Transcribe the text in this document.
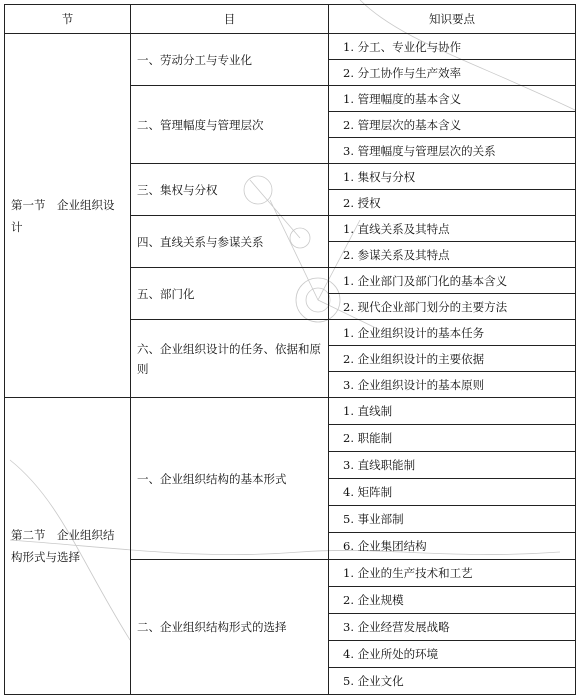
节	目	知识要点
第一节　企业组织设计	一、劳动分工与专业化	1. 分工、专业化与协作
		2. 分工协作与生产效率
	二、管理幅度与管理层次	1. 管理幅度的基本含义
		2. 管理层次的基本含义
		3. 管理幅度与管理层次的关系
	三、集权与分权	1. 集权与分权
		2. 授权
	四、直线关系与参谋关系	1. 直线关系及其特点
		2. 参谋关系及其特点
	五、部门化	1. 企业部门及部门化的基本含义
		2. 现代企业部门划分的主要方法
	六、企业组织设计的任务、依据和原则	1. 企业组织设计的基本任务
		2. 企业组织设计的主要依据
		3. 企业组织设计的基本原则
第二节　企业组织结构形式与选择	一、企业组织结构的基本形式	1. 直线制
		2. 职能制
		3. 直线职能制
		4. 矩阵制
		5. 事业部制
		6. 企业集团结构
	二、企业组织结构形式的选择	1. 企业的生产技术和工艺
		2. 企业规模
		3. 企业经营发展战略
		4. 企业所处的环境
		5. 企业文化
